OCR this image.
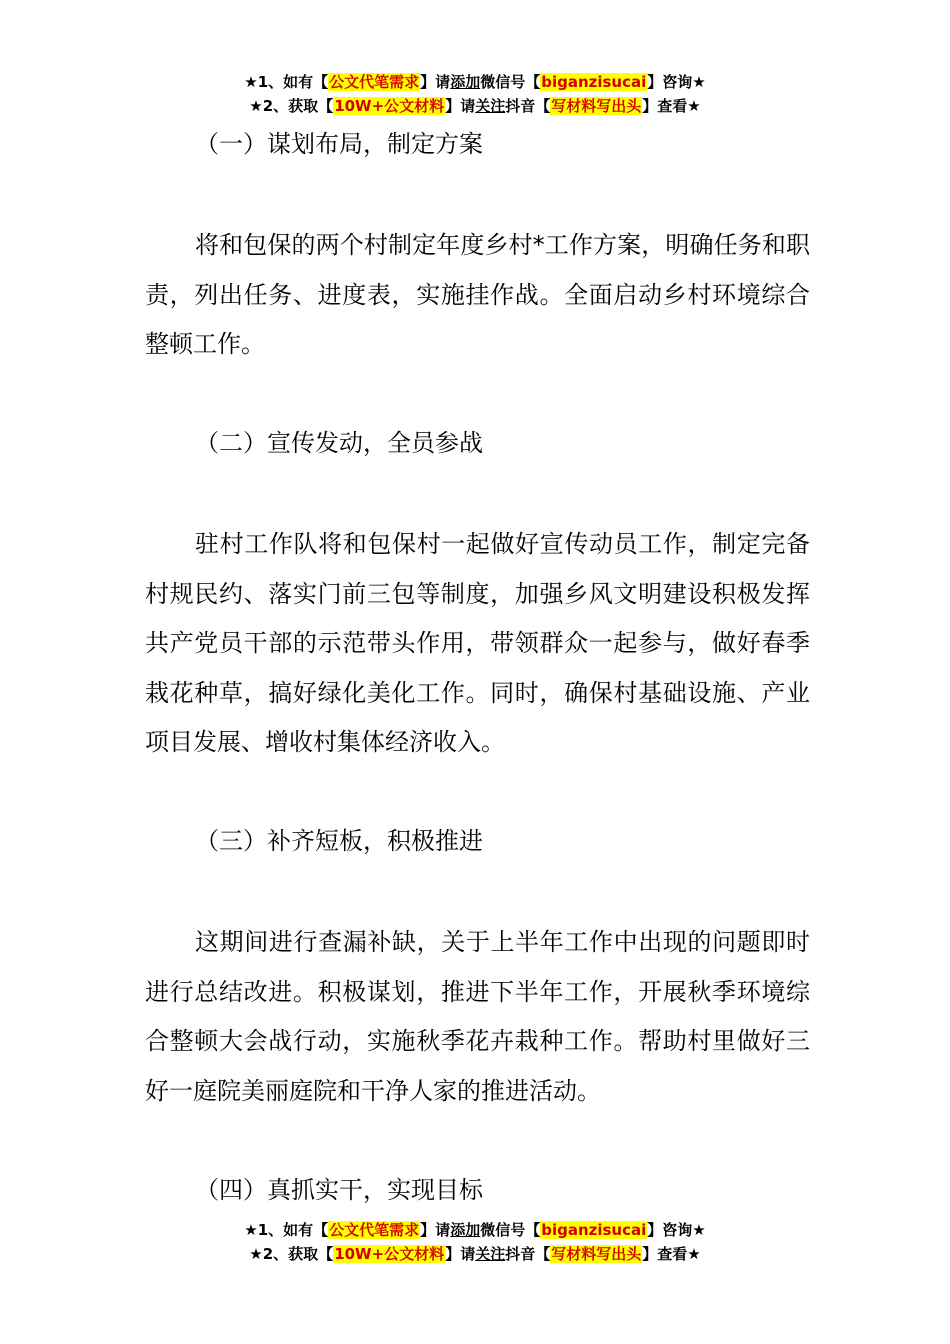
★1、如有【公文代笔需求】请添加微信号【biganzisucai】咨询★
★2、获取【10W+公文材料】请关注抖音【写材料写出头】查看★
（一）谋划布局，制定方案
将和包保的两个村制定年度乡村*工作方案，明确任务和职责，列出任务、进度表，实施挂作战。全面启动乡村环境综合整顿工作。
（二）宣传发动，全员参战
驻村工作队将和包保村一起做好宣传动员工作，制定完备村规民约、落实门前三包等制度，加强乡风文明建设积极发挥共产党员干部的示范带头作用，带领群众一起参与，做好春季栽花种草，搞好绿化美化工作。同时，确保村基础设施、产业项目发展、增收村集体经济收入。
（三）补齐短板，积极推进
这期间进行查漏补缺，关于上半年工作中出现的问题即时进行总结改进。积极谋划，推进下半年工作，开展秋季环境综合整顿大会战行动，实施秋季花卉栽种工作。帮助村里做好三好一庭院美丽庭院和干净人家的推进活动。
（四）真抓实干，实现目标
★1、如有【公文代笔需求】请添加微信号【biganzisucai】咨询★
★2、获取【10W+公文材料】请关注抖音【写材料写出头】查看★
